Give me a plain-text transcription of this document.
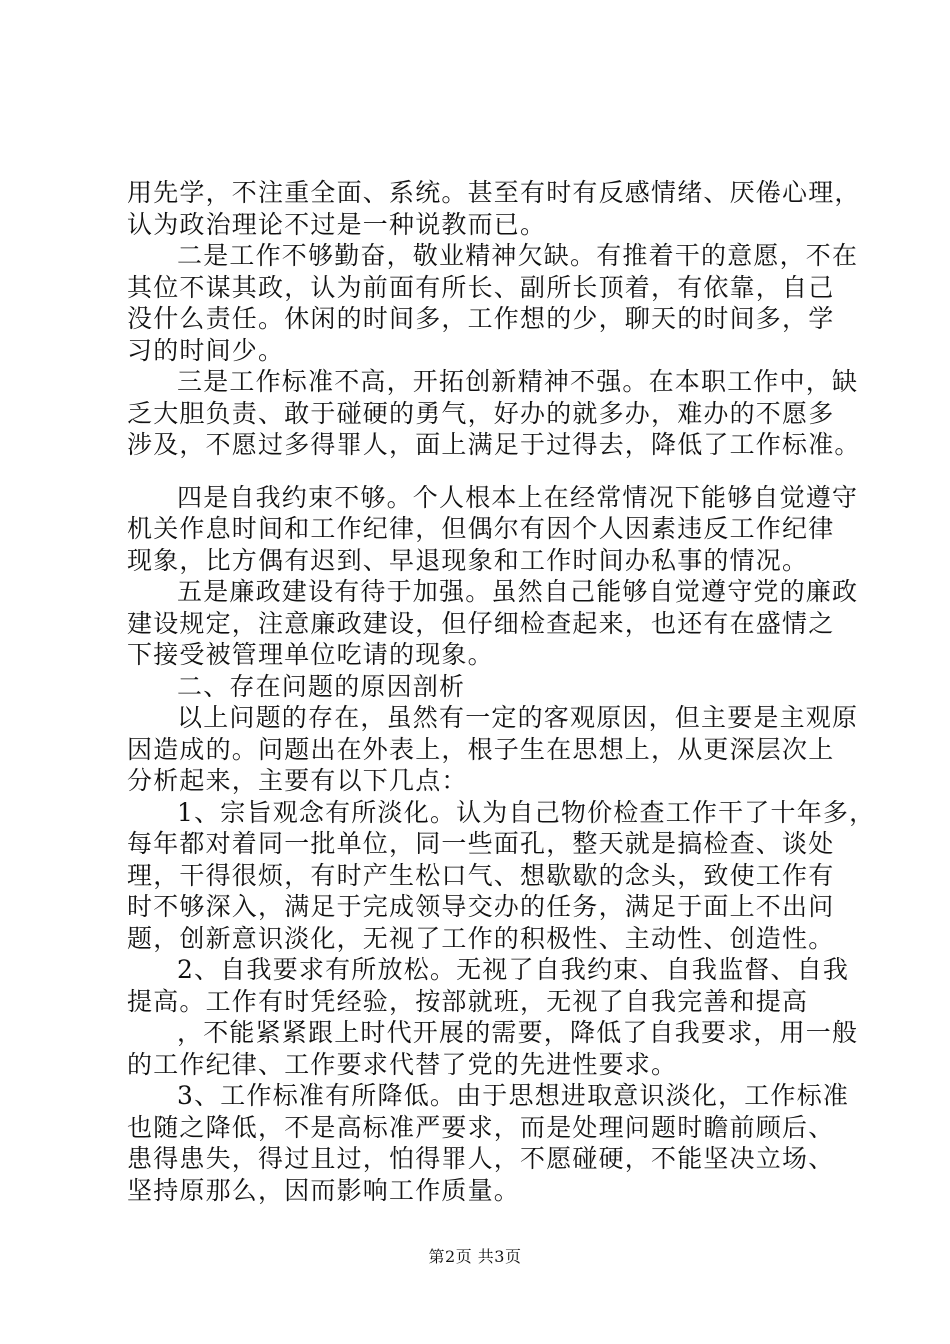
用先学，不注重全面、系统。甚至有时有反感情绪、厌倦心理，
认为政治理论不过是一种说教而已。
二是工作不够勤奋，敬业精神欠缺。有推着干的意愿，不在
其位不谋其政，认为前面有所长、副所长顶着，有依靠，自己
没什么责任。休闲的时间多，工作想的少，聊天的时间多，学
习的时间少。
三是工作标准不高，开拓创新精神不强。在本职工作中，缺
乏大胆负责、敢于碰硬的勇气，好办的就多办，难办的不愿多
涉及，不愿过多得罪人，面上满足于过得去，降低了工作标准。
四是自我约束不够。个人根本上在经常情况下能够自觉遵守
机关作息时间和工作纪律，但偶尔有因个人因素违反工作纪律
现象，比方偶有迟到、早退现象和工作时间办私事的情况。
五是廉政建设有待于加强。虽然自己能够自觉遵守党的廉政
建设规定，注意廉政建设，但仔细检查起来，也还有在盛情之
下接受被管理单位吃请的现象。
二、存在问题的原因剖析
以上问题的存在，虽然有一定的客观原因，但主要是主观原
因造成的。问题出在外表上，根子生在思想上，从更深层次上
分析起来，主要有以下几点：
1、宗旨观念有所淡化。认为自己物价检查工作干了十年多，
每年都对着同一批单位，同一些面孔，整天就是搞检查、谈处
理，干得很烦，有时产生松口气、想歇歇的念头，致使工作有
时不够深入，满足于完成领导交办的任务，满足于面上不出问
题，创新意识淡化，无视了工作的积极性、主动性、创造性。
2、自我要求有所放松。无视了自我约束、自我监督、自我
提高。工作有时凭经验，按部就班，无视了自我完善和提高
，不能紧紧跟上时代开展的需要，降低了自我要求，用一般
的工作纪律、工作要求代替了党的先进性要求。
3、工作标准有所降低。由于思想进取意识淡化，工作标准
也随之降低，不是高标准严要求，而是处理问题时瞻前顾后、
患得患失，得过且过，怕得罪人，不愿碰硬，不能坚决立场、
坚持原那么，因而影响工作质量。
第2页 共3页
